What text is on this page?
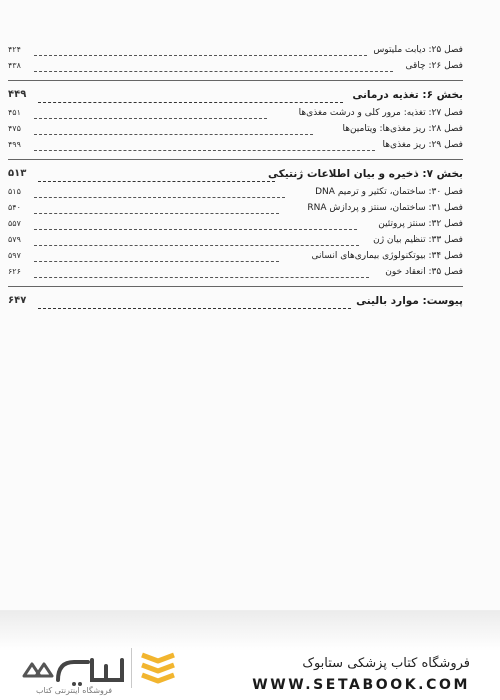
فصل ۲۵: دیابت ملیتوس
۴۲۴
فصل ۲۶: چاقی
۴۳۸
بخش ۶: تغذیه درمانی
۴۴۹
فصل ۲۷: تغذیه: مرور کلی و درشت مغذی‌ها
۴۵۱
فصل ۲۸: ریز مغذی‌ها: ویتامین‌ها
۴۷۵
فصل ۲۹: ریز مغذی‌ها
۴۹۹
بخش ۷: ذخیره و بیان اطلاعات ژنتیکی
۵۱۳
فصل ۳۰: ساختمان، تکثیر و ترمیم DNA
۵۱۵
فصل ۳۱: ساختمان، سنتز و پردازش RNA
۵۴۰
فصل ۳۲: سنتز پروتئین
۵۵۷
فصل ۳۳: تنظیم بیان ژن
۵۷۹
فصل ۳۴: بیوتکنولوژی بیماری‌های انسانی
۵۹۷
فصل ۳۵: انعقاد خون
۶۲۶
پیوست: موارد بالینی
۶۴۷
فروشگاه کتاب پزشکی ستابوک
WWW.SETABOOK.COM
فروشگاه اینترنتی کتاب
